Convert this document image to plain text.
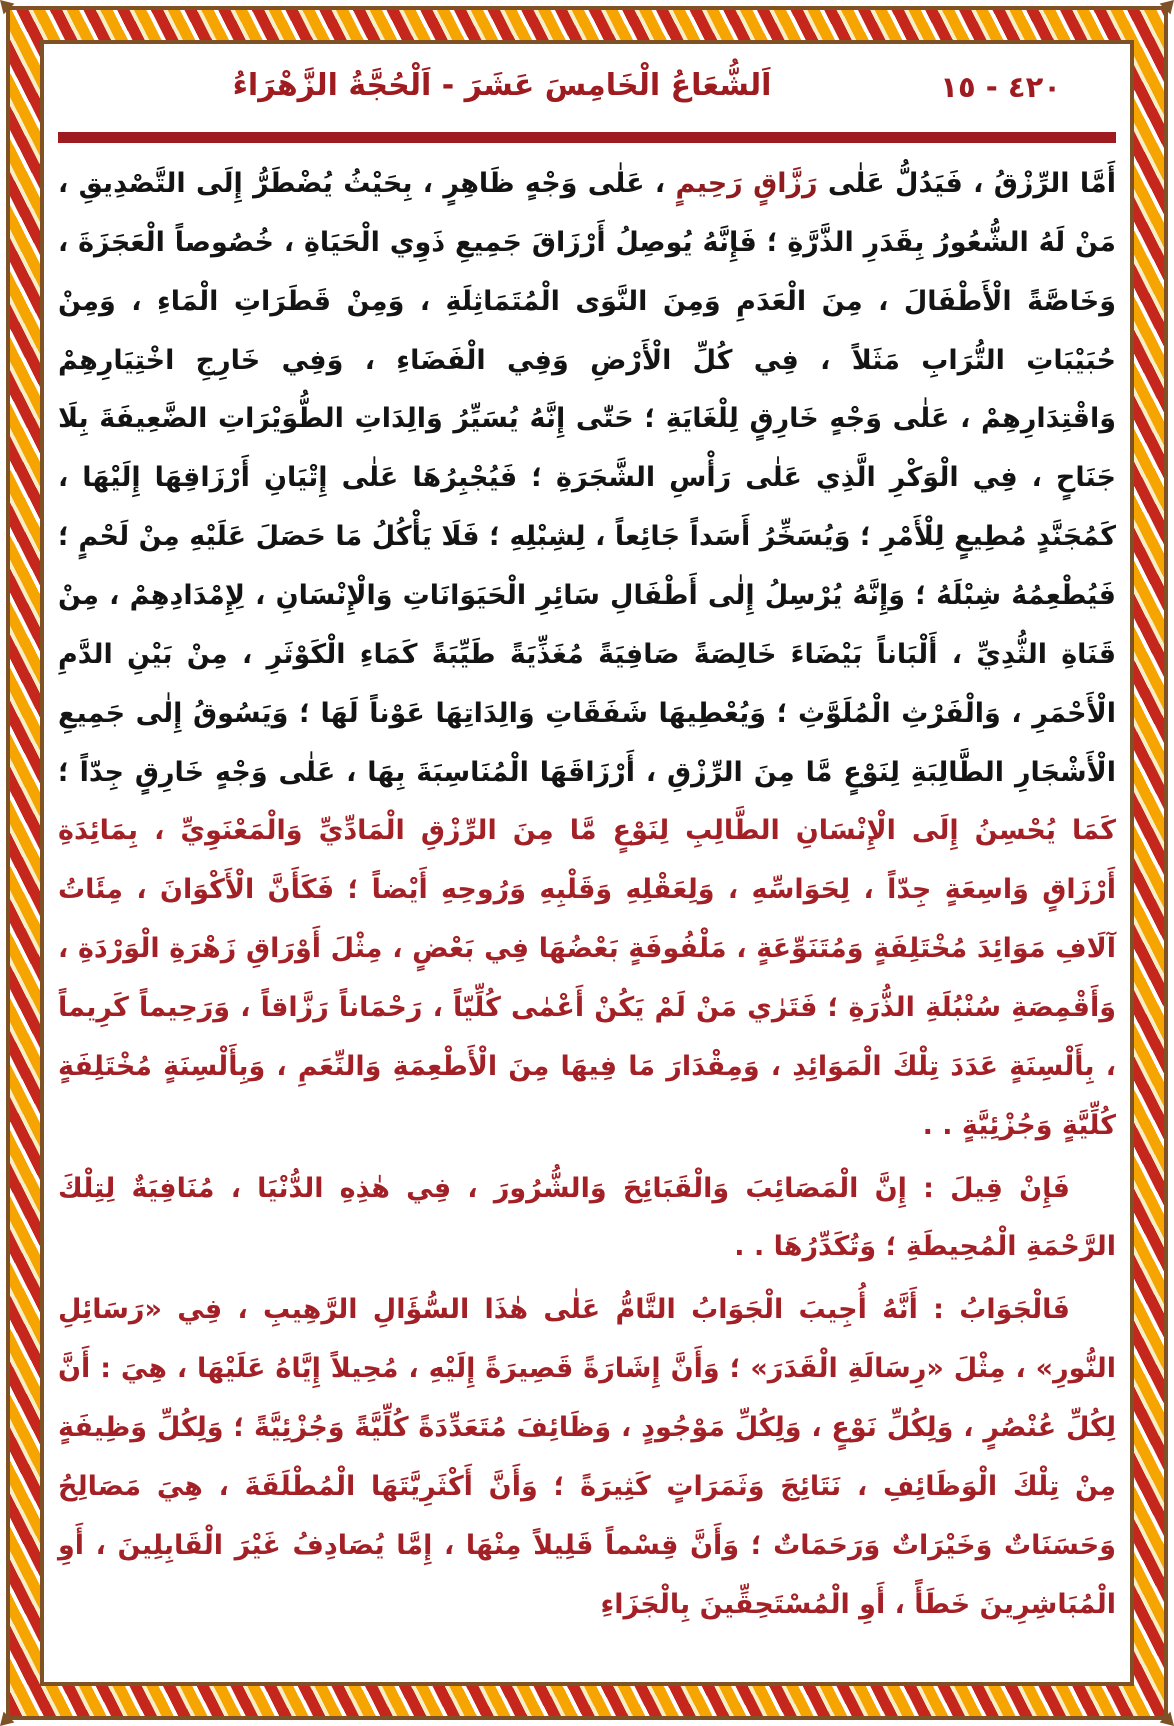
اَلشُّعَاعُ الْخَامِسَ عَشَرَ - اَلْحُجَّةُ الزَّهْرَاءُ	٤٢٠ - ١٥

أَمَّا الرِّزْقُ ، فَيَدُلُّ عَلٰى رَزَّاقٍ رَحِيمٍ ، عَلٰى وَجْهٍ ظَاهِرٍ ، بِحَيْثُ يُضْطَرُّ إِلَى التَّصْدِيقِ ، مَنْ لَهُ الشُّعُورُ بِقَدَرِ الذَّرَّةِ ؛ فَإِنَّهُ يُوصِلُ أَرْزَاقَ جَمِيعِ ذَوِي الْحَيَاةِ ، خُصُوصاً الْعَجَزَةَ ، وَخَاصَّةً الْأَطْفَالَ ، مِنَ الْعَدَمِ وَمِنَ النَّوَى الْمُتَمَاثِلَةِ ، وَمِنْ قَطَرَاتِ الْمَاءِ ، وَمِنْ حُبَيْبَاتِ التُّرَابِ مَثَلاً ، فِي كُلِّ الْأَرْضِ وَفِي الْفَضَاءِ ، وَفِي خَارِجِ اخْتِيَارِهِمْ وَاقْتِدَارِهِمْ ، عَلٰى وَجْهٍ خَارِقٍ لِلْغَايَةِ ؛ حَتّٰى إِنَّهُ يُسَيِّرُ وَالِدَاتِ الطُّوَيْرَاتِ الضَّعِيفَةَ بِلَا جَنَاحٍ ، فِي الْوَكْرِ الَّذِي عَلٰى رَأْسِ الشَّجَرَةِ ؛ فَيُجْبِرُهَا عَلٰى إِتْيَانِ أَرْزَاقِهَا إِلَيْهَا ، كَمُجَنَّدٍ مُطِيعٍ لِلْأَمْرِ ؛ وَيُسَخِّرُ أَسَداً جَائِعاً ، لِشِبْلِهِ ؛ فَلَا يَأْكُلُ مَا حَصَلَ عَلَيْهِ مِنْ لَحْمٍ ؛ فَيُطْعِمُهُ شِبْلَهُ ؛ وَإِنَّهُ يُرْسِلُ إِلٰى أَطْفَالِ سَائِرِ الْحَيَوَانَاتِ وَالْإِنْسَانِ ، لِإِمْدَادِهِمْ ، مِنْ قَنَاةِ الثُّدِيِّ ، أَلْبَاناً بَيْضَاءَ خَالِصَةً صَافِيَةً مُغَذِّيَةً طَيِّبَةً كَمَاءِ الْكَوْثَرِ ، مِنْ بَيْنِ الدَّمِ الْأَحْمَرِ ، وَالْفَرْثِ الْمُلَوَّثِ ؛ وَيُعْطِيهَا شَفَقَاتِ وَالِدَاتِهَا عَوْناً لَهَا ؛ وَيَسُوقُ إِلٰى جَمِيعِ الْأَشْجَارِ الطَّالِبَةِ لِنَوْعٍ مَّا مِنَ الرِّزْقِ ، أَرْزَاقَهَا الْمُنَاسِبَةَ بِهَا ، عَلٰى وَجْهٍ خَارِقٍ جِدّاً ؛ كَمَا يُحْسِنُ إِلَى الْإِنْسَانِ الطَّالِبِ لِنَوْعٍ مَّا مِنَ الرِّزْقِ الْمَادِّيِّ وَالْمَعْنَوِيِّ ، بِمَائِدَةِ أَرْزَاقٍ وَاسِعَةٍ جِدّاً ، لِحَوَاسِّهِ ، وَلِعَقْلِهِ وَقَلْبِهِ وَرُوحِهِ أَيْضاً ؛ فَكَأَنَّ الْأَكْوَانَ ، مِئَاتُ آلَافِ مَوَائِدَ مُخْتَلِفَةٍ وَمُتَنَوِّعَةٍ ، مَلْفُوفَةٍ بَعْضُهَا فِي بَعْضٍ ، مِثْلَ أَوْرَاقِ زَهْرَةِ الْوَرْدَةِ ، وَأَقْمِصَةِ سُنْبُلَةِ الذُّرَةِ ؛ فَتَرٰي مَنْ لَمْ يَكُنْ أَعْمٰى كُلِّيّاً ، رَحْمَاناً رَزَّاقاً ، وَرَحِيماً كَرِيماً ، بِأَلْسِنَةٍ عَدَدَ تِلْكَ الْمَوَائِدِ ، وَمِقْدَارَ مَا فِيهَا مِنَ الْأَطْعِمَةِ وَالنِّعَمِ ، وَبِأَلْسِنَةٍ مُخْتَلِفَةٍ كُلِّيَّةٍ وَجُزْئِيَّةٍ . .

فَإِنْ قِيلَ : إِنَّ الْمَصَائِبَ وَالْقَبَائِحَ وَالشُّرُورَ ، فِي هٰذِهِ الدُّنْيَا ، مُنَافِيَةٌ لِتِلْكَ الرَّحْمَةِ الْمُحِيطَةِ ؛ وَتُكَدِّرُهَا . .

فَالْجَوَابُ : أَنَّهُ أُجِيبَ الْجَوَابُ التَّامُّ عَلٰى هٰذَا السُّؤَالِ الرَّهِيبِ ، فِي «رَسَائِلِ النُّورِ» ، مِثْلَ «رِسَالَةِ الْقَدَرَ» ؛ وَأَنَّ إِشَارَةً قَصِيرَةً إِلَيْهِ ، مُحِيلاً إِيَّاهُ عَلَيْهَا ، هِيَ : أَنَّ لِكُلِّ عُنْصُرٍ ، وَلِكُلِّ نَوْعٍ ، وَلِكُلِّ مَوْجُودٍ ، وَظَائِفَ مُتَعَدِّدَةً كُلِّيَّةً وَجُزْئِيَّةً ؛ وَلِكُلِّ وَظِيفَةٍ مِنْ تِلْكَ الْوَظَائِفِ ، نَتَائِجَ وَثَمَرَاتٍ كَثِيرَةً ؛ وَأَنَّ أَكْثَرِيَّتَهَا الْمُطْلَقَةَ ، هِيَ مَصَالِحُ وَحَسَنَاتٌ وَخَيْرَاتٌ وَرَحَمَاتٌ ؛ وَأَنَّ قِسْماً قَلِيلاً مِنْهَا ، إِمَّا يُصَادِفُ غَيْرَ الْقَابِلِينَ ، أَوِ الْمُبَاشِرِينَ خَطَأً ، أَوِ الْمُسْتَحِقِّينَ بِالْجَزَاءِ
